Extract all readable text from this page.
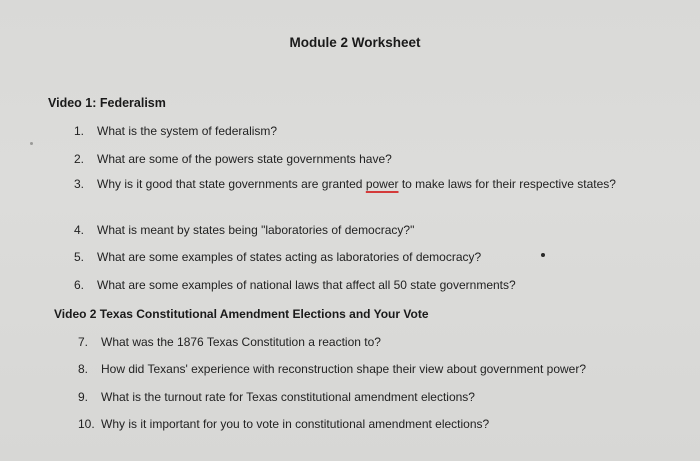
Module 2 Worksheet
Video 1: Federalism
1. What is the system of federalism?
2. What are some of the powers state governments have?
3. Why is it good that state governments are granted power to make laws for their respective states?
4. What is meant by states being "laboratories of democracy?"
5. What are some examples of states acting as laboratories of democracy?
6. What are some examples of national laws that affect all 50 state governments?
Video 2 Texas Constitutional Amendment Elections and Your Vote
7. What was the 1876 Texas Constitution a reaction to?
8. How did Texans' experience with reconstruction shape their view about government power?
9. What is the turnout rate for Texas constitutional amendment elections?
10. Why is it important for you to vote in constitutional amendment elections?
